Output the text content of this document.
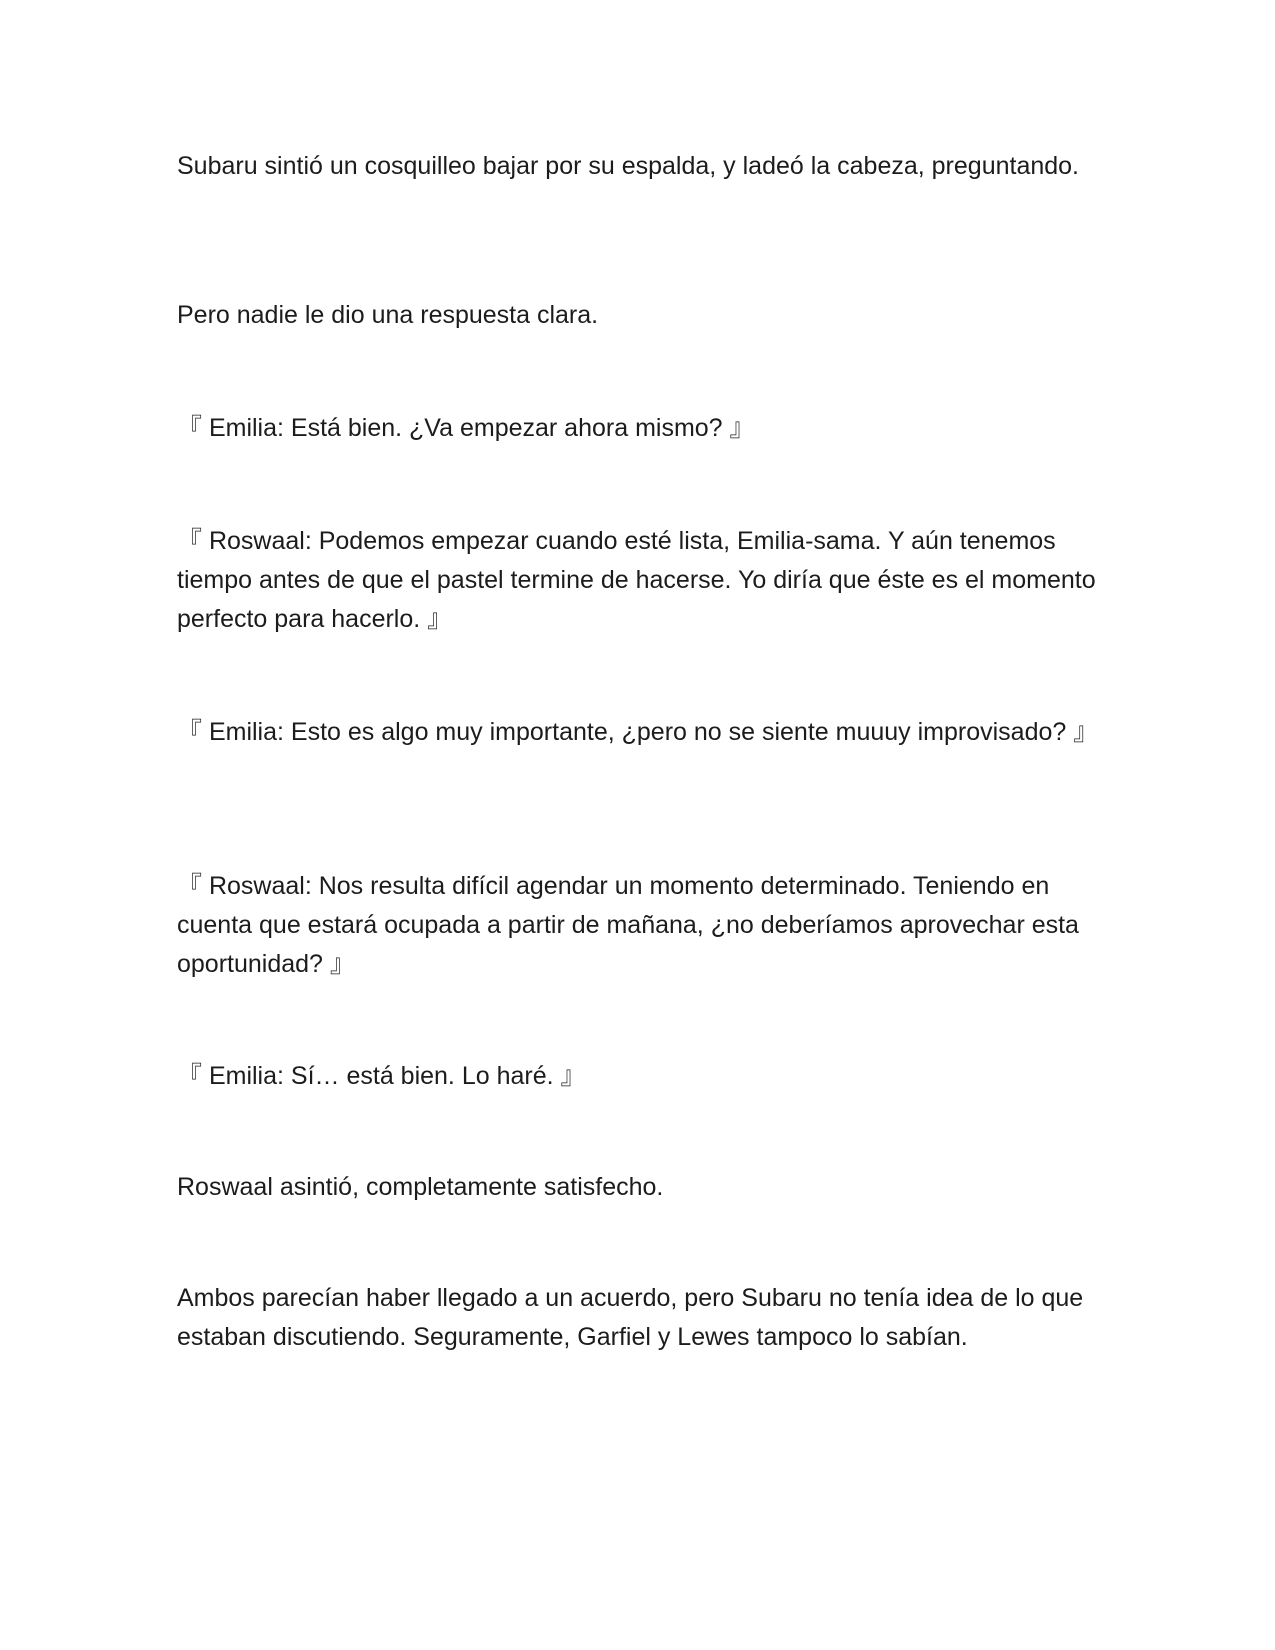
Subaru sintió un cosquilleo bajar por su espalda, y ladeó la cabeza, preguntando.

Pero nadie le dio una respuesta clara.

『 Emilia: Está bien. ¿Va empezar ahora mismo? 』

『 Roswaal: Podemos empezar cuando esté lista, Emilia-sama. Y aún tenemos tiempo antes de que el pastel termine de hacerse. Yo diría que éste es el momento perfecto para hacerlo. 』

『 Emilia: Esto es algo muy importante, ¿pero no se siente muuuy improvisado? 』

『 Roswaal: Nos resulta difícil agendar un momento determinado. Teniendo en cuenta que estará ocupada a partir de mañana, ¿no deberíamos aprovechar esta oportunidad? 』

『 Emilia: Sí… está bien. Lo haré. 』

Roswaal asintió, completamente satisfecho.

Ambos parecían haber llegado a un acuerdo, pero Subaru no tenía idea de lo que estaban discutiendo. Seguramente, Garfiel y Lewes tampoco lo sabían.
